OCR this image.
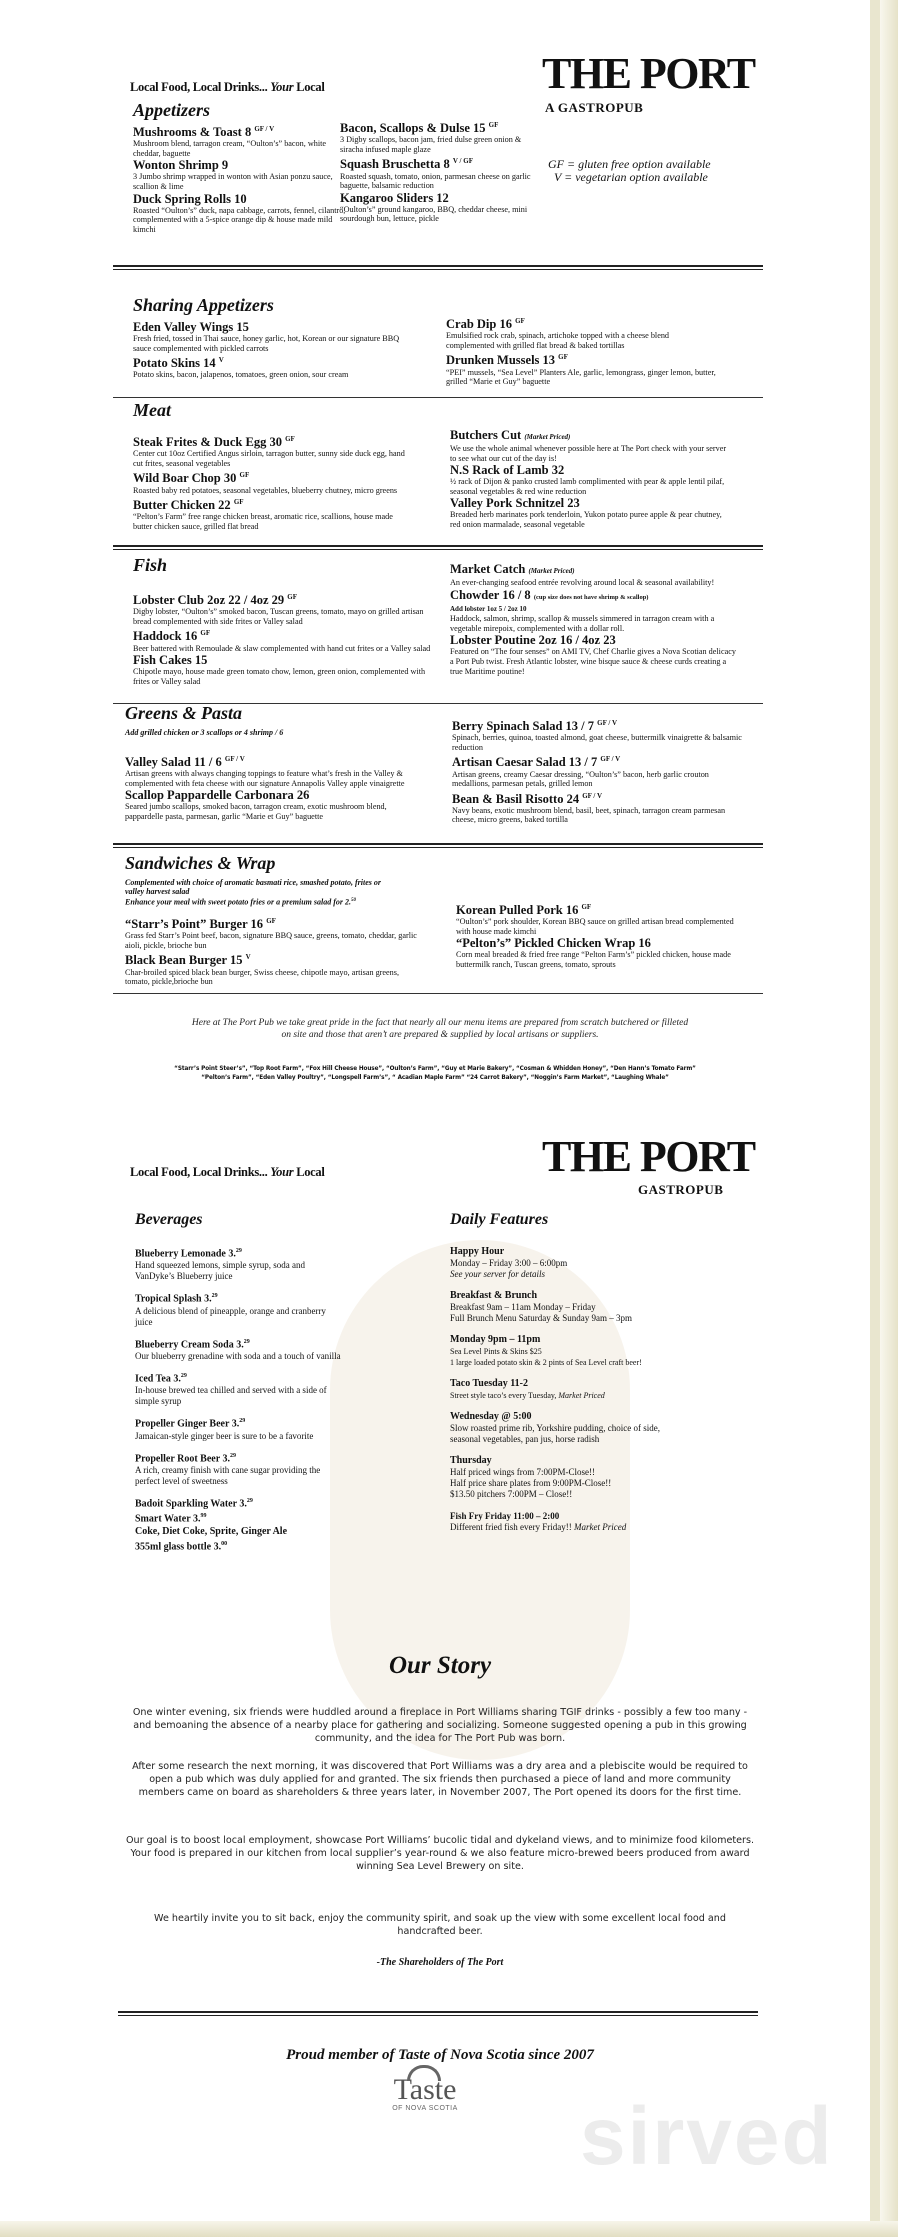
Local Food, Local Drinks... Your Local	THE PORT
A GASTROPUB
GF = gluten free option available
V = vegetarian option available
Appetizers
Mushrooms & Toast 8 $^{GF / V}$
Mushroom blend, tarragon cream, “Oulton’s” bacon, white cheddar, baguette
Wonton Shrimp 9
3 Jumbo shrimp wrapped in wonton with Asian ponzu sauce, scallion & lime
Duck Spring Rolls 10
Roasted “Oulton’s” duck, napa cabbage, carrots, fennel, cilantro, complemented with a 5-spice orange dip & house made mild kimchi
Bacon, Scallops & Dulse 15 $^{GF}$
3 Digby scallops, bacon jam, fried dulse green onion & siracha infused maple glaze
Squash Bruschetta 8 $^{V / GF}$
Roasted squash, tomato, onion, parmesan cheese on garlic baguette, balsamic reduction
Kangaroo Sliders 12
“Oulton’s” ground kangaroo, BBQ, cheddar cheese, mini sourdough bun, lettuce, pickle
Sharing Appetizers
Eden Valley Wings 15
Fresh fried, tossed in Thai sauce, honey garlic, hot, Korean or our signature BBQ sauce complemented with pickled carrots
Potato Skins 14 $^V$
Potato skins, bacon, jalapenos, tomatoes, green onion, sour cream
Crab Dip 16 $^{GF}$
Emulsified rock crab, spinach, artichoke topped with a cheese blend complemented with grilled flat bread & baked tortillas
Drunken Mussels 13 $^{GF}$
“PEI” mussels, “Sea Level” Planters Ale, garlic, lemongrass, ginger lemon, butter, grilled “Marie et Guy” baguette
Meat
Steak Frites & Duck Egg 30 $^{GF}$
Center cut 10oz Certified Angus sirloin, tarragon butter, sunny side duck egg, hand cut frites, seasonal vegetables
Wild Boar Chop 30 $^{GF}$
Roasted baby red potatoes, seasonal vegetables, blueberry chutney, micro greens
Butter Chicken 22 $^{GF}$
“Pelton’s Farm” free range chicken breast, aromatic rice, scallions, house made butter chicken sauce, grilled flat bread
Butchers Cut (Market Priced)
We use the whole animal whenever possible here at The Port check with your server to see what our cut of the day is!
N.S Rack of Lamb 32
½ rack of Dijon & panko crusted lamb complimented with pear & apple lentil pilaf, seasonal vegetables & red wine reduction
Valley Pork Schnitzel 23
Breaded herb marinates pork tenderloin, Yukon potato puree apple & pear chutney, red onion marmalade, seasonal vegetable
Fish
Lobster Club 2oz 22 / 4oz 29 $^{GF}$
Digby lobster, “Oulton’s” smoked bacon, Tuscan greens, tomato, mayo on grilled artisan bread complemented with side frites or Valley salad
Haddock 16 $^{GF}$
Beer battered with Remoulade & slaw complemented with hand cut frites or a Valley salad
Fish Cakes 15
Chipotle mayo, house made green tomato chow, lemon, green onion, complemented with frites or Valley salad
Market Catch (Market Priced)
An ever-changing seafood entrée revolving around local & seasonal availability!
Chowder 16 / 8 (cup size does not have shrimp & scallop)
Add lobster 1oz 5 / 2oz 10
Haddock, salmon, shrimp, scallop & mussels simmered in tarragon cream with a vegetable mirepoix, complemented with a dollar roll.
Lobster Poutine 2oz 16 / 4oz 23
Featured on “The four senses” on AMI TV, Chef Charlie gives a Nova Scotian delicacy a Port Pub twist. Fresh Atlantic lobster, wine bisque sauce & cheese curds creating a true Maritime poutine!
Greens & Pasta
Add grilled chicken or 3 scallops or 4 shrimp / 6
Valley Salad 11 / 6 $^{GF / V}$
Artisan greens with always changing toppings to feature what’s fresh in the Valley & complemented with feta cheese with our signature Annapolis Valley apple vinaigrette
Scallop Pappardelle Carbonara 26
Seared jumbo scallops, smoked bacon, tarragon cream, exotic mushroom blend, pappardelle pasta, parmesan, garlic “Marie et Guy” baguette
Berry Spinach Salad 13 / 7 $^{GF / V}$
Spinach, berries, quinoa, toasted almond, goat cheese, buttermilk vinaigrette & balsamic reduction
Artisan Caesar Salad 13 / 7 $^{GF / V}$
Artisan greens, creamy Caesar dressing, “Oulton’s” bacon, herb garlic crouton medallions, parmesan petals, grilled lemon
Bean & Basil Risotto 24 $^{GF / V}$
Navy beans, exotic mushroom blend, basil, beet, spinach, tarragon cream parmesan cheese, micro greens, baked tortilla
Sandwiches & Wrap
Complemented with choice of aromatic basmati rice, smashed potato, frites or valley harvest salad
Enhance your meal with sweet potato fries or a premium salad for 2.50
“Starr’s Point” Burger 16 $^{GF}$
Grass fed Starr’s Point beef, bacon, signature BBQ sauce, greens, tomato, cheddar, garlic aioli, pickle, brioche bun
Black Bean Burger 15 $^V$
Char-broiled spiced black bean burger, Swiss cheese, chipotle mayo, artisan greens, tomato, pickle,brioche bun
Korean Pulled Pork 16 $^{GF}$
“Oulton’s” pork shoulder, Korean BBQ sauce on grilled artisan bread complemented with house made kimchi
“Pelton’s” Pickled Chicken Wrap 16
Corn meal breaded & fried free range “Pelton Farm’s” pickled chicken, house made buttermilk ranch, Tuscan greens, tomato, sprouts
Here at The Port Pub we take great pride in the fact that nearly all our menu items are prepared from scratch butchered or filleted on site and those that aren’t are prepared & supplied by local artisans or suppliers.
“Starr’s Point Steer’s”, “Top Root Farm”, “Fox Hill Cheese House”, “Oulton’s Farm”, “Guy et Marie Bakery”, “Cosman & Whidden Honey”, “Den Hann’s Tomato Farm”
“Pelton’s Farm”, “Eden Valley Poultry”, “Longspell Farm’s”, “ Acadian Maple Farm” “24 Carrot Bakery”, “Noggin’s Farm Market”, “Laughing Whale”
Local Food, Local Drinks... Your Local	THE PORT
GASTROPUB
Beverages
Blueberry Lemonade 3.29
Hand squeezed lemons, simple syrup, soda and VanDyke’s Blueberry juice
Tropical Splash 3.29
A delicious blend of pineapple, orange and cranberry juice
Blueberry Cream Soda 3.29
Our blueberry grenadine with soda and a touch of vanilla
Iced Tea 3.29
In-house brewed tea chilled and served with a side of simple syrup
Propeller Ginger Beer 3.29
Jamaican-style ginger beer is sure to be a favorite
Propeller Root Beer 3.29
A rich, creamy finish with cane sugar providing the perfect level of sweetness
Badoit Sparkling Water 3.29
Smart Water 3.99
Coke, Diet Coke, Sprite, Ginger Ale
355ml glass bottle 3.00
Daily Features
Happy Hour
Monday – Friday 3:00 – 6:00pm
See your server for details
Breakfast & Brunch
Breakfast 9am – 11am Monday – Friday
Full Brunch Menu Saturday & Sunday 9am – 3pm
Monday 9pm – 11pm
Sea Level Pints & Skins $25
1 large loaded potato skin & 2 pints of Sea Level craft beer!
Taco Tuesday 11-2
Street style taco’s every Tuesday, Market Priced
Wednesday @ 5:00
Slow roasted prime rib, Yorkshire pudding, choice of side,
seasonal vegetables, pan jus, horse radish
Thursday
Half priced wings from 7:00PM-Close!!
Half price share plates from 9:00PM-Close!!
$13.50 pitchers 7:00PM – Close!!
Fish Fry Friday 11:00 – 2:00
Different fried fish every Friday!! Market Priced
Our Story
One winter evening, six friends were huddled around a fireplace in Port Williams sharing TGIF drinks - possibly a few too many - and bemoaning the absence of a nearby place for gathering and socializing. Someone suggested opening a pub in this growing community, and the idea for The Port Pub was born.
After some research the next morning, it was discovered that Port Williams was a dry area and a plebiscite would be required to open a pub which was duly applied for and granted. The six friends then purchased a piece of land and more community members came on board as shareholders & three years later, in November 2007, The Port opened its doors for the first time.
Our goal is to boost local employment, showcase Port Williams’ bucolic tidal and dykeland views, and to minimize food kilometers. Your food is prepared in our kitchen from local supplier’s year-round & we also feature micro-brewed beers produced from award winning Sea Level Brewery on site.
We heartily invite you to sit back, enjoy the community spirit, and soak up the view with some excellent local food and handcrafted beer.
-The Shareholders of The Port
Proud member of Taste of Nova Scotia since 2007
Taste
OF NOVA SCOTIA sirved
